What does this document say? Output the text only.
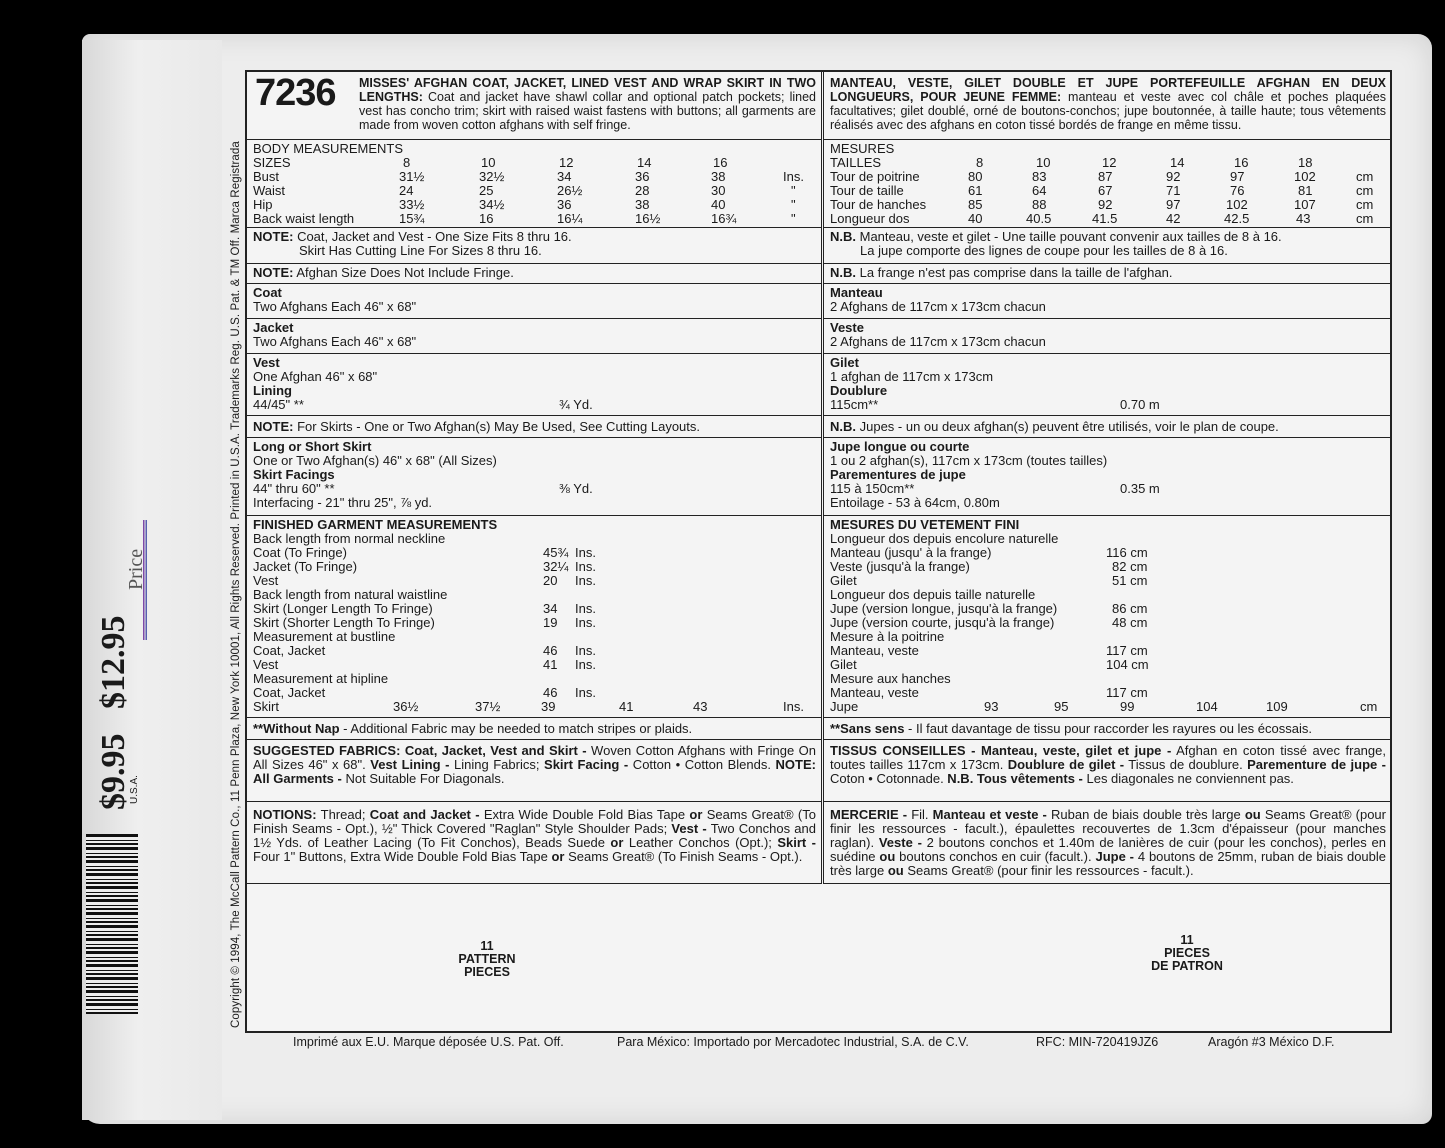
$9.95 $12.95
U.S.A.
Price	Copyright © 1994, The McCall Pattern Co., 11 Penn Plaza, New York 10001, All Rights Reserved. Printed in U.S.A. Trademarks Reg. U.S. Pat. & TM Off. Marca Registrada
7236 MISSES' AFGHAN COAT, JACKET, LINED VEST AND WRAP SKIRT IN TWO LENGTHS: Coat and jacket have shawl collar and optional patch pockets; lined vest has concho trim; skirt with raised waist fastens with buttons; all garments are made from woven cotton afghans with self fringe.
BODY MEASUREMENTS
SIZES	8	10	12	14	16
Bust	31½	32½	34	36	38	Ins.
Waist	24	25	26½	28	30	"
Hip	33½	34½	36	38	40	"
Back waist length	15¾	16	16¼	16½	16¾	"
NOTE: Coat, Jacket and Vest - One Size Fits 8 thru 16.
Skirt Has Cutting Line For Sizes 8 thru 16.
NOTE: Afghan Size Does Not Include Fringe.
Coat
Two Afghans Each 46" x 68"
Jacket
Two Afghans Each 46" x 68"
Vest
One Afghan 46" x 68"
Lining
44/45" **	¾ Yd.
NOTE: For Skirts - One or Two Afghan(s) May Be Used, See Cutting Layouts.
Long or Short Skirt
One or Two Afghan(s) 46" x 68" (All Sizes)
Skirt Facings
44" thru 60" **	⅜ Yd.
Interfacing - 21" thru 25", ⅞ yd.
FINISHED GARMENT MEASUREMENTS
Back length from normal neckline
Coat (To Fringe)	45¾ Ins.
Jacket (To Fringe)	32¼ Ins.
Vest	20 Ins.
Back length from natural waistline
Skirt (Longer Length To Fringe)	34 Ins.
Skirt (Shorter Length To Fringe)	19 Ins.
Measurement at bustline
Coat, Jacket	46 Ins.
Vest	41 Ins.
Measurement at hipline
Coat, Jacket	46 Ins.
Skirt	36½	37½	39	41	43	Ins.
**Without Nap - Additional Fabric may be needed to match stripes or plaids.
SUGGESTED FABRICS: Coat, Jacket, Vest and Skirt - Woven Cotton Afghans with Fringe On All Sizes 46" x 68". Vest Lining - Lining Fabrics; Skirt Facing - Cotton • Cotton Blends. NOTE: All Garments - Not Suitable For Diagonals.
NOTIONS: Thread; Coat and Jacket - Extra Wide Double Fold Bias Tape or Seams Great® (To Finish Seams - Opt.), ½" Thick Covered "Raglan" Style Shoulder Pads; Vest - Two Conchos and 1½ Yds. of Leather Lacing (To Fit Conchos), Beads Suede or Leather Conchos (Opt.); Skirt - Four 1" Buttons, Extra Wide Double Fold Bias Tape or Seams Great® (To Finish Seams - Opt.).
MANTEAU, VESTE, GILET DOUBLE ET JUPE PORTEFEUILLE AFGHAN EN DEUX LONGUEURS, POUR JEUNE FEMME: manteau et veste avec col châle et poches plaquées facultatives; gilet doublé, orné de boutons-conchos; jupe boutonnée, à taille haute; tous vêtements réalisés avec des afghans en coton tissé bordés de frange en même tissu.
MESURES
TAILLES	8	10	12	14	16	18
Tour de poitrine	80	83	87	92	97	102	cm
Tour de taille	61	64	67	71	76	81	cm
Tour de hanches	85	88	92	97	102	107	cm
Longueur dos	40	40.5	41.5	42	42.5	43	cm
N.B. Manteau, veste et gilet - Une taille pouvant convenir aux tailles de 8 à 16.
La jupe comporte des lignes de coupe pour les tailles de 8 à 16.
N.B. La frange n'est pas comprise dans la taille de l'afghan.
Manteau
2 Afghans de 117cm x 173cm chacun
Veste
2 Afghans de 117cm x 173cm chacun
Gilet
1 afghan de 117cm x 173cm
Doublure
115cm**	0.70 m
N.B. Jupes - un ou deux afghan(s) peuvent être utilisés, voir le plan de coupe.
Jupe longue ou courte
1 ou 2 afghan(s), 117cm x 173cm (toutes tailles)
Parementures de jupe
115 à 150cm**	0.35 m
Entoilage - 53 à 64cm, 0.80m
MESURES DU VETEMENT FINI
Longueur dos depuis encolure naturelle
Manteau (jusqu' à la frange)	116 cm
Veste (jusqu'à la frange)	82 cm
Gilet	51 cm
Longueur dos depuis taille naturelle
Jupe (version longue, jusqu'à la frange)	86 cm
Jupe (version courte, jusqu'à la frange)	48 cm
Mesure à la poitrine
Manteau, veste	117 cm
Gilet	104 cm
Mesure aux hanches
Manteau, veste	117 cm
Jupe	93	95	99	104	109	cm
**Sans sens - Il faut davantage de tissu pour raccorder les rayures ou les écossais.
TISSUS CONSEILLES - Manteau, veste, gilet et jupe - Afghan en coton tissé avec frange, toutes tailles 117cm x 173cm. Doublure de gilet - Tissus de doublure. Parementure de jupe - Coton • Cotonnade. N.B. Tous vêtements - Les diagonales ne conviennent pas.
MERCERIE - Fil. Manteau et veste - Ruban de biais double très large ou Seams Great® (pour finir les ressources - facult.), épaulettes recouvertes de 1.3cm d'épaisseur (pour manches raglan). Veste - 2 boutons conchos et 1.40m de lanières de cuir (pour les conchos), perles en suédine ou boutons conchos en cuir (facult.). Jupe - 4 boutons de 25mm, ruban de biais double très large ou Seams Great® (pour finir les ressources - facult.).
11
PATTERN
PIECES
11
PIECES
DE PATRON
Imprimé aux E.U. Marque déposée U.S. Pat. Off.	Para México: Importado por Mercadotec Industrial, S.A. de C.V.	RFC: MIN-720419JZ6	Aragón #3 México D.F.
